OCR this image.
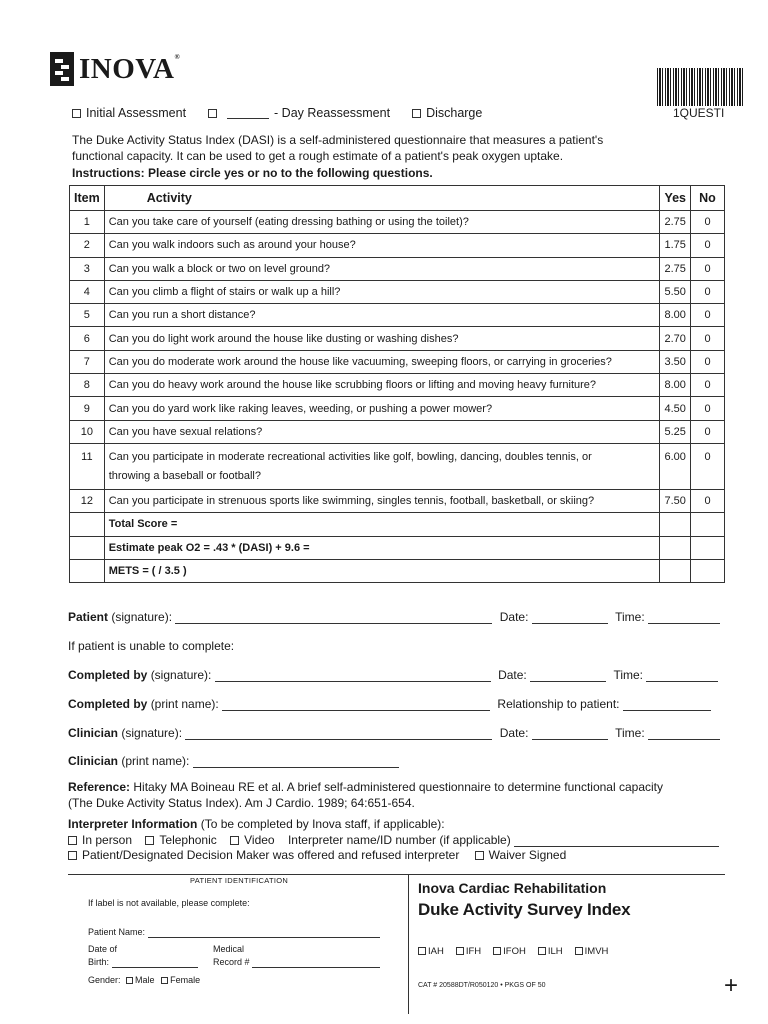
INOVA®
1QUESTI
Initial Assessment	- Day Reassessment	Discharge
The Duke Activity Status Index (DASI) is a self-administered questionnaire that measures a patient's
functional capacity. It can be used to get a rough estimate of a patient's peak oxygen uptake.
Instructions: Please circle yes or no to the following questions.
Item	Activity	Yes	No
1	Can you take care of yourself (eating dressing bathing or using the toilet)?	2.75	0
2	Can you walk indoors such as around your house?	1.75	0
3	Can you walk a block or two on level ground?	2.75	0
4	Can you climb a flight of stairs or walk up a hill?	5.50	0
5	Can you run a short distance?	8.00	0
6	Can you do light work around the house like dusting or washing dishes?	2.70	0
7	Can you do moderate work around the house like vacuuming, sweeping floors, or carrying in groceries?	3.50	0
8	Can you do heavy work around the house like scrubbing floors or lifting and moving heavy furniture?	8.00	0
9	Can you do yard work like raking leaves, weeding, or pushing a power mower?	4.50	0
10	Can you have sexual relations?	5.25	0
11	Can you participate in moderate recreational activities like golf, bowling, dancing, doubles tennis, or
throwing a baseball or football?	6.00	0
12	Can you participate in strenuous sports like swimming, singles tennis, football, basketball, or skiing?	7.50	0
	Total Score =		
	Estimate peak O2 = .43 * (DASI) + 9.6 =		
	METS = ( / 3.5 )		
Patient (signature):	Date:	Time:
If patient is unable to complete:
Completed by (signature):	Date:	Time:
Completed by (print name):	Relationship to patient:
Clinician (signature):	Date:	Time:
Clinician (print name):
Reference: Hitaky MA Boineau RE et al. A brief self-administered questionnaire to determine functional capacity
(The Duke Activity Status Index). Am J Cardio. 1989; 64:651-654.
Interpreter Information (To be completed by Inova staff, if applicable):
In person Telephonic Video Interpreter name/ID number (if applicable)
Patient/Designated Decision Maker was offered and refused interpreter Waiver Signed
PATIENT IDENTIFICATION
If label is not available, please complete:
Patient Name:
Date of	Medical
Birth:	Record #
Gender: Male Female
Inova Cardiac Rehabilitation
Duke Activity Survey Index
IAH	IFH	IFOH	ILH	IMVH
CAT # 20588DT/R050120 • PKGS OF 50	+
